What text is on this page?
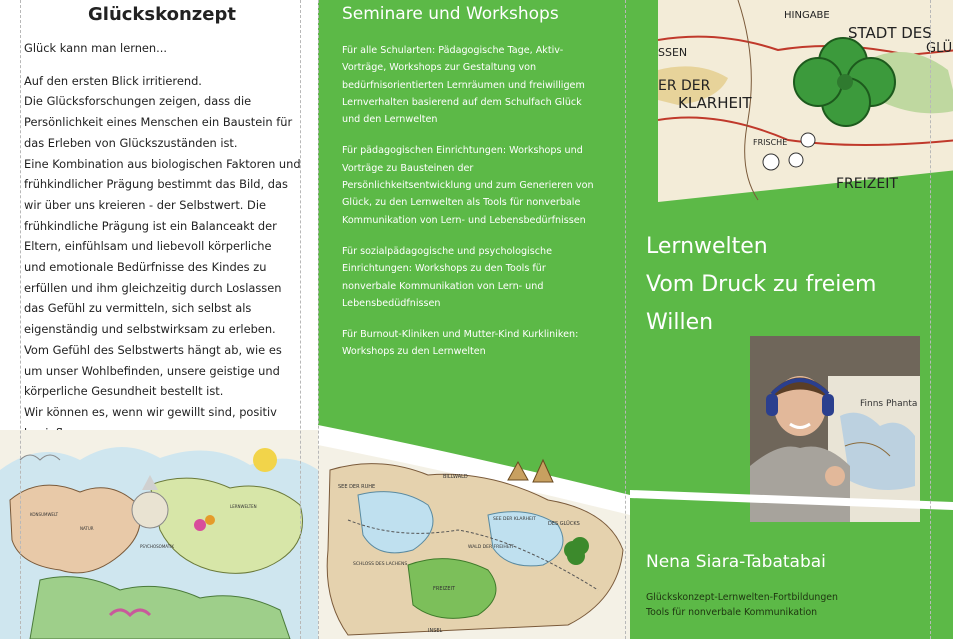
Glückskonzept

Glück kann man lernen...

Auf den ersten Blick irritierend.

Die Glücksforschungen zeigen, dass die

Persönlichkeit eines Menschen ein Baustein für

das Erleben von Glückszuständen ist.

Eine Kombination aus biologischen Faktoren und

frühkindlicher Prägung bestimmt das Bild, das

wir über uns kreieren - der Selbstwert. Die

frühkindliche Prägung ist ein Balanceakt der

Eltern, einfühlsam und liebevoll körperliche

und emotionale Bedürfnisse des Kindes zu

erfüllen und ihm gleichzeitig durch Loslassen

das Gefühl zu vermitteln, sich selbst als

eigenständig und selbstwirksam zu erleben.

Vom Gefühl des Selbstwerts hängt ab, wie es

um unser Wohlbefinden, unsere geistige und

körperliche Gesundheit bestellt ist.

Wir können es, wenn wir gewillt sind, positiv

KONSUMWELT
NATUR
PSYCHOSOMATIK
LERNWELTEN
Seminare und Workshops

Für alle Schularten: Pädagogische Tage, Aktiv-Vorträge, Workshops zur Gestaltung von bedürfnisorientierten Lernräumen und freiwilligem Lernverhalten basierend auf dem Schulfach Glück und den Lernwelten

Für pädagogischen Einrichtungen: Workshops und Vorträge zu Bausteinen der Persönlichkeitsentwicklung und zum Generieren von Glück, zu den Lernwelten als Tools für nonverbale Kommunikation von Lern- und Lebensbedürfnissen

Für sozialpädagogische und psychologische Einrichtungen: Workshops zu den Tools für nonverbale Kommunikation von Lern- und Lebensbedüdfnissen

Für Burnout-Kliniken und Mutter-Kind Kurkliniken: Workshops zu den Lernwelten

SEE DER RUHE
BILLWALD
DES GLÜCKS
SEE DER KLARHEIT
FREIZEIT
SCHLOSS DES LACHENS
WALD DER FREIHEIT
INSEL
HINGABE
STADT DES
GLÜ
SSEN
ER DER
KLARHEIT
FRISCHE
FREIZEIT
Lernwelten
Vom Druck zu freiem
Willen
Finns Phanta
Nena Siara-Tabatabai
Glückskonzept-Lernwelten-Fortbildungen
Tools für nonverbale Kommunikation
